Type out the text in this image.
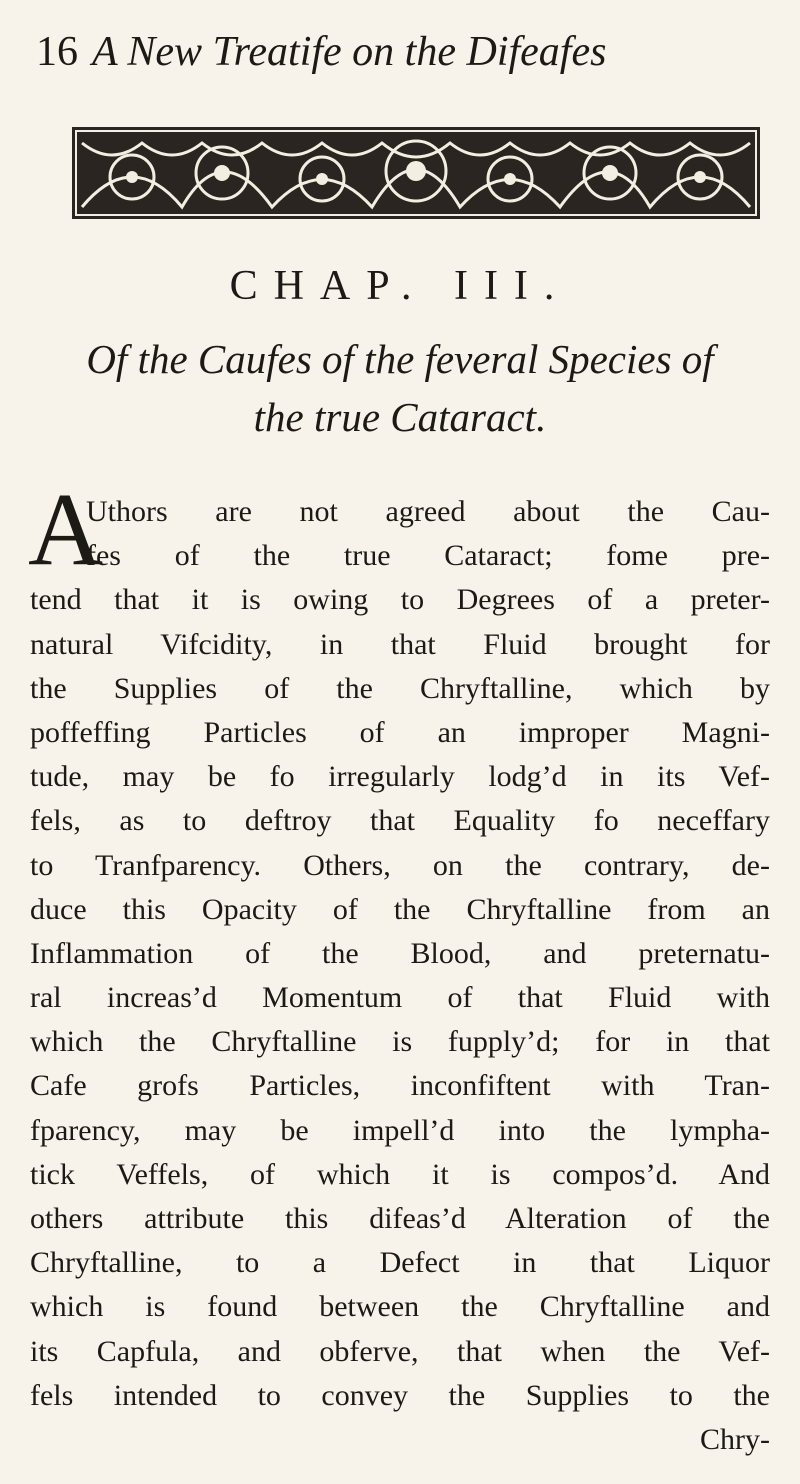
16 A New Treatife on the Difeafes
CHAP. III.
Of the Caufes of the feveral Species of
the true Cataract.
A
Uthors are not agreed about the Cau-
fes of the true Cataract; fome pre-
tend that it is owing to Degrees of a preter-
natural Vifcidity, in that Fluid brought for
the Supplies of the Chryftalline, which by
poffeffing Particles of an improper Magni-
tude, may be fo irregularly lodg’d in its Vef-
fels, as to deftroy that Equality fo neceffary
to Tranfparency. Others, on the contrary, de-
duce this Opacity of the Chryftalline from an
Inflammation of the Blood, and preternatu-
ral increas’d Momentum of that Fluid with
which the Chryftalline is fupply’d; for in that
Cafe grofs Particles, inconfiftent with Tran-
fparency, may be impell’d into the lympha-
tick Veffels, of which it is compos’d. And
others attribute this difeas’d Alteration of the
Chryftalline, to a Defect in that Liquor
which is found between the Chryftalline and
its Capfula, and obferve, that when the Vef-
fels intended to convey the Supplies to the
Chry-
